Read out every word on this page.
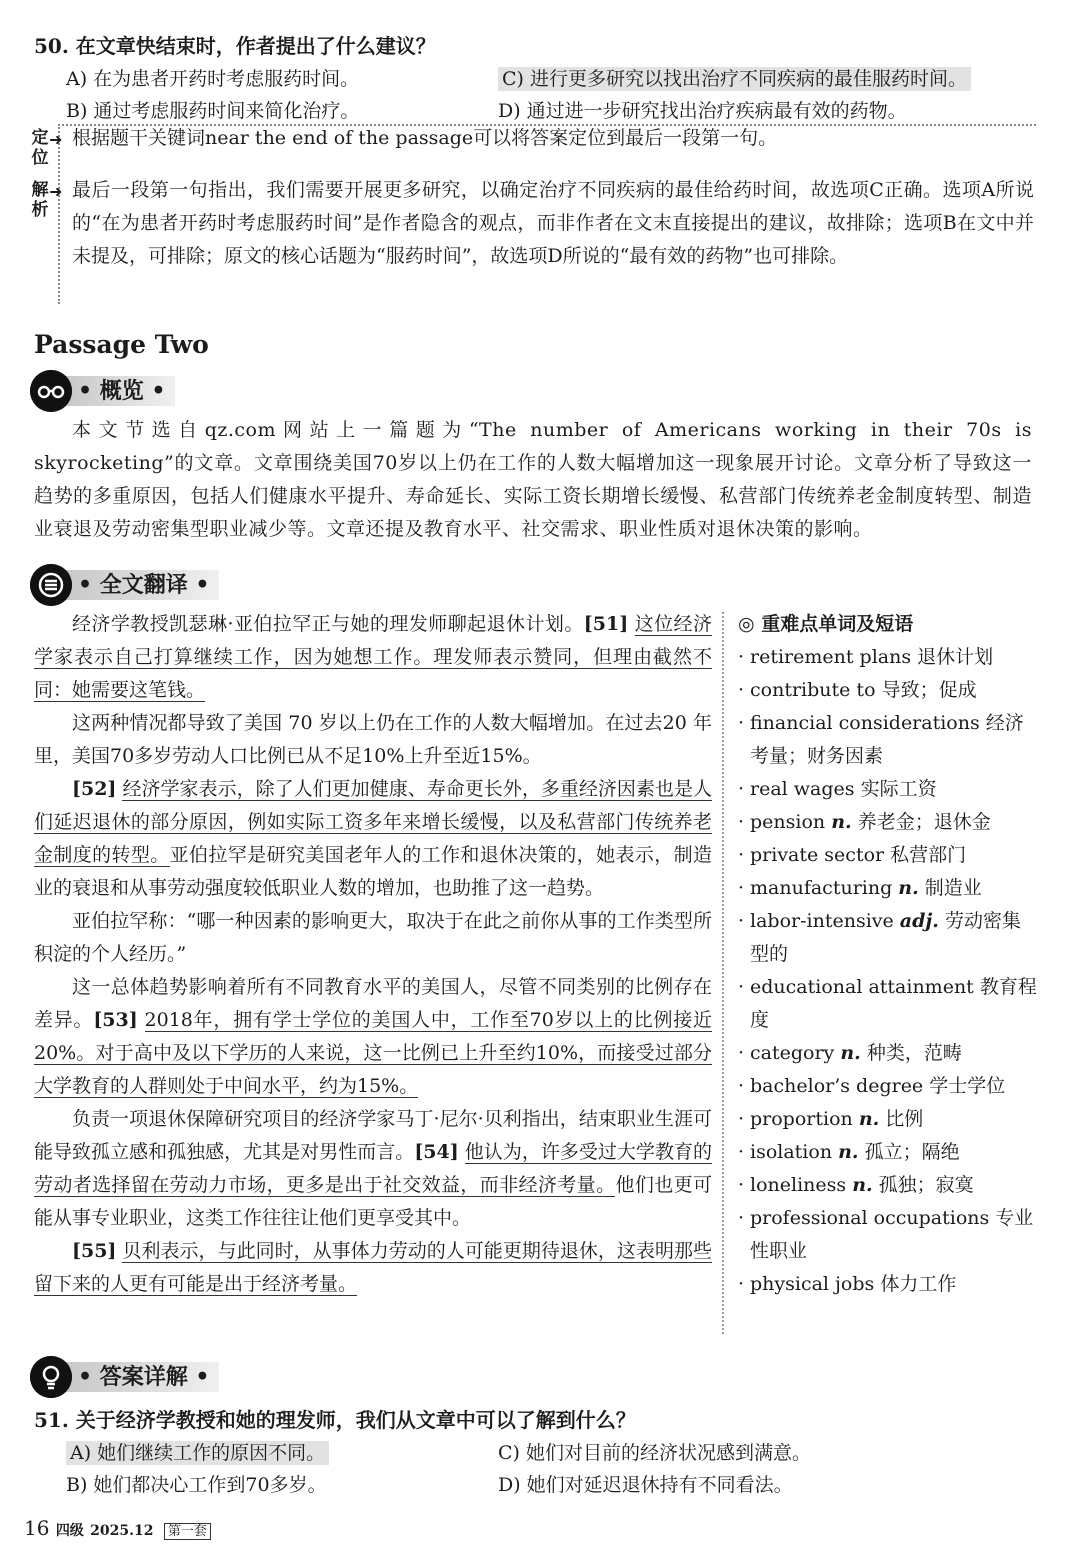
50. 在文章快结束时，作者提出了什么建议？
A) 在为患者开药时考虑服药时间。	C) 进行更多研究以找出治疗不同疾病的最佳服药时间。
B) 通过考虑服药时间来简化治疗。	D) 通过进一步研究找出治疗疾病最有效的药物。
定位
➜ 根据题干关键词near the end of the passage可以将答案定位到最后一段第一句。
解析
➜ 最后一段第一句指出，我们需要开展更多研究，以确定治疗不同疾病的最佳给药时间，故选项C正确。选项A所说的“在为患者开药时考虑服药时间”是作者隐含的观点，而非作者在文末直接提出的建议，故排除；选项B在文中并未提及，可排除；原文的核心话题为“服药时间”，故选项D所说的“最有效的药物”也可排除。
Passage Two
• 概览 •
本文节选自qz.com网站上一篇题为“The number of Americans working in their 70s is skyrocketing”的文章。文章围绕美国70岁以上仍在工作的人数大幅增加这一现象展开讨论。文章分析了导致这一趋势的多重原因，包括人们健康水平提升、寿命延长、实际工资长期增长缓慢、私营部门传统养老金制度转型、制造业衰退及劳动密集型职业减少等。文章还提及教育水平、社交需求、职业性质对退休决策的影响。
• 全文翻译 •

经济学教授凯瑟琳·亚伯拉罕正与她的理发师聊起退休计划。[51] 这位经济学家表示自己打算继续工作，因为她想工作。理发师表示赞同，但理由截然不同：她需要这笔钱。

这两种情况都导致了美国 70 岁以上仍在工作的人数大幅增加。在过去20 年里，美国70多岁劳动人口比例已从不足10%上升至近15%。

[52] 经济学家表示，除了人们更加健康、寿命更长外，多重经济因素也是人们延迟退休的部分原因，例如实际工资多年来增长缓慢，以及私营部门传统养老金制度的转型。亚伯拉罕是研究美国老年人的工作和退休决策的，她表示，制造业的衰退和从事劳动强度较低职业人数的增加，也助推了这一趋势。

亚伯拉罕称：“哪一种因素的影响更大，取决于在此之前你从事的工作类型所积淀的个人经历。”

这一总体趋势影响着所有不同教育水平的美国人，尽管不同类别的比例存在差异。[53] 2018年，拥有学士学位的美国人中，工作至70岁以上的比例接近20%。对于高中及以下学历的人来说，这一比例已上升至约10%，而接受过部分大学教育的人群则处于中间水平，约为15%。

负责一项退休保障研究项目的经济学家马丁·尼尔·贝利指出，结束职业生涯可能导致孤立感和孤独感，尤其是对男性而言。[54] 他认为，许多受过大学教育的劳动者选择留在劳动力市场，更多是出于社交效益，而非经济考量。他们也更可能从事专业职业，这类工作往往让他们更享受其中。

[55] 贝利表示，与此同时，从事体力劳动的人可能更期待退休，这表明那些留下来的人更有可能是出于经济考量。

◎ 重难点单词及短语
· retirement plans 退休计划
· contribute to 导致；促成
· financial considerations 经济考量；财务因素
· real wages 实际工资
· pension n. 养老金；退休金
· private sector 私营部门
· manufacturing n. 制造业
· labor-intensive adj. 劳动密集型的
· educational attainment 教育程度
· category n. 种类，范畴
· bachelor’s degree 学士学位
· proportion n. 比例
· isolation n. 孤立；隔绝
· loneliness n. 孤独；寂寞
· professional occupations 专业性职业
· physical jobs 体力工作
• 答案详解 •
51. 关于经济学教授和她的理发师，我们从文章中可以了解到什么？
A) 她们继续工作的原因不同。	C) 她们对目前的经济状况感到满意。
B) 她们都决心工作到70多岁。	D) 她们对延迟退休持有不同看法。
16 四级 2025.12 第一套
